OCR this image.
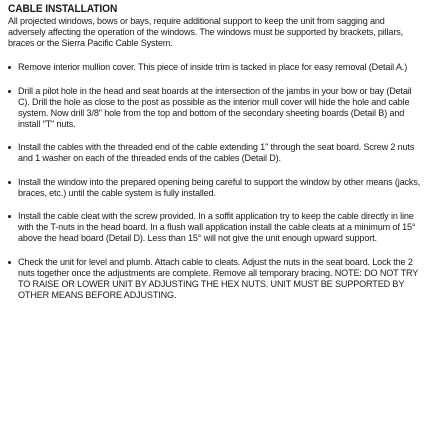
CABLE INSTALLATION
All projected windows, bows or bays, require additional support to keep the unit from sagging and adversely affecting the operation of the windows. The windows must be supported by brackets, pillars, braces or the Sierra Pacific Cable System.
Remove interior mullion cover. This piece of inside trim is tacked in place for easy removal (Detail A.)
Drill a pilot hole in the head and seat boards at the intersection of the jambs in your bow or bay (Detail C). Drill the hole as close to the post as possible as the interior mull cover will hide the hole and cable system. Now drill 3/8" hole from the top and bottom of the secondary sheeting boards (Detail B) and install "T" nuts.
Install the cables with the threaded end of the cable extending 1" through the seat board. Screw 2 nuts and 1 washer on each of the threaded ends of the cables (Detail D).
Install the window into the prepared opening being careful to support the window by other means (jacks, braces, etc.) until the cable system is fully installed.
Install the cable cleat with the screw provided. In a soffit application try to keep the cable directly in line with the T-nuts in the head board. In a flush wall application install the cable cleats at a minimum of 15° above the head board (Detail D). Less than 15° will not give the unit enough upward support.
Check the unit for level and plumb. Attach cable to cleats. Adjust the nuts in the seat board. Lock the 2 nuts together once the adjustments are complete. Remove all temporary bracing. NOTE: DO NOT TRY TO RAISE OR LOWER UNIT BY ADJUSTING THE HEX NUTS. UNIT MUST BE SUPPORTED BY OTHER MEANS BEFORE ADJUSTING.
